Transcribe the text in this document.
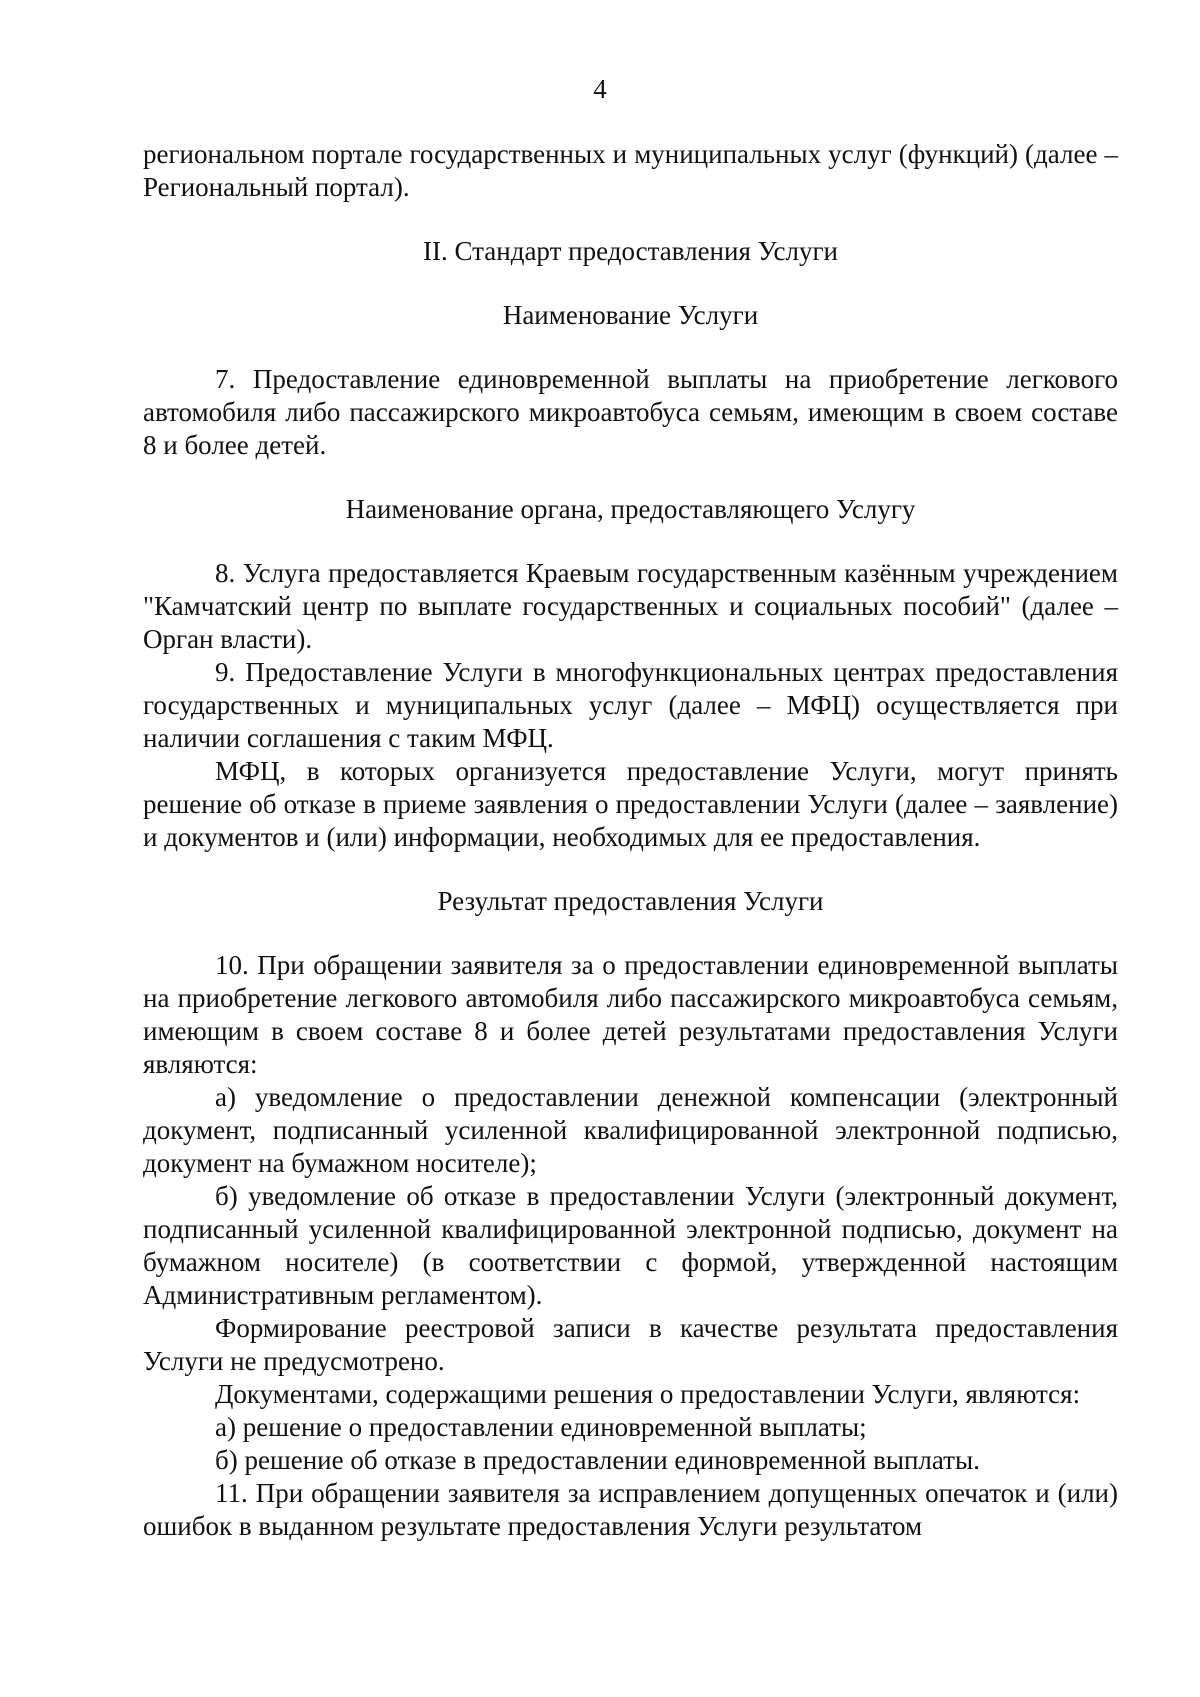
4

региональном портале государственных и муниципальных услуг (функций) (далее – Региональный портал).

II. Стандарт предоставления Услуги

Наименование Услуги

7. Предоставление единовременной выплаты на приобретение легкового автомобиля либо пассажирского микроавтобуса семьям, имеющим в своем составе 8 и более детей.

Наименование органа, предоставляющего Услугу

8. Услуга предоставляется Краевым государственным казённым учреждением "Камчатский центр по выплате государственных и социальных пособий" (далее – Орган власти).

9. Предоставление Услуги в многофункциональных центрах предоставления государственных и муниципальных услуг (далее – МФЦ) осуществляется при наличии соглашения с таким МФЦ.

МФЦ, в которых организуется предоставление Услуги, могут принять решение об отказе в приеме заявления о предоставлении Услуги (далее – заявление) и документов и (или) информации, необходимых для ее предоставления.

Результат предоставления Услуги

10. При обращении заявителя за о предоставлении единовременной выплаты на приобретение легкового автомобиля либо пассажирского микроавтобуса семьям, имеющим в своем составе 8 и более детей результатами предоставления Услуги являются:

а) уведомление о предоставлении денежной компенсации (электронный документ, подписанный усиленной квалифицированной электронной подписью, документ на бумажном носителе);

б) уведомление об отказе в предоставлении Услуги (электронный документ, подписанный усиленной квалифицированной электронной подписью, документ на бумажном носителе) (в соответствии с формой, утвержденной настоящим Административным регламентом).

Формирование реестровой записи в качестве результата предоставления Услуги не предусмотрено.

Документами, содержащими решения о предоставлении Услуги, являются:

а) решение о предоставлении единовременной выплаты;

б) решение об отказе в предоставлении единовременной выплаты.

11. При обращении заявителя за исправлением допущенных опечаток и (или) ошибок в выданном результате предоставления Услуги результатом
